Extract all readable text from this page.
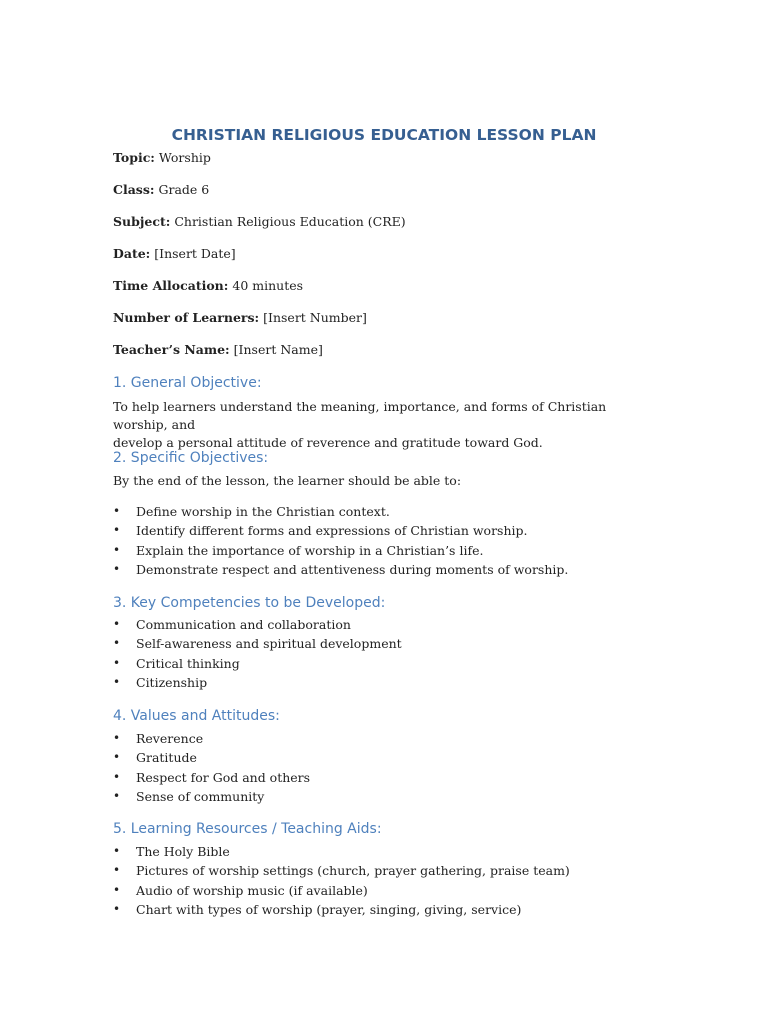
CHRISTIAN RELIGIOUS EDUCATION LESSON PLAN
Topic: Worship
Class: Grade 6
Subject: Christian Religious Education (CRE)
Date: [Insert Date]
Time Allocation: 40 minutes
Number of Learners: [Insert Number]
Teacher’s Name: [Insert Name]
1. General Objective:
To help learners understand the meaning, importance, and forms of Christian worship, and
develop a personal attitude of reverence and gratitude toward God.
2. Specific Objectives:
By the end of the lesson, the learner should be able to:
•	Define worship in the Christian context.
•	Identify different forms and expressions of Christian worship.
•	Explain the importance of worship in a Christian’s life.
•	Demonstrate respect and attentiveness during moments of worship.
3. Key Competencies to be Developed:
•	Communication and collaboration
•	Self-awareness and spiritual development
•	Critical thinking
•	Citizenship
4. Values and Attitudes:
•	Reverence
•	Gratitude
•	Respect for God and others
•	Sense of community
5. Learning Resources / Teaching Aids:
•	The Holy Bible
•	Pictures of worship settings (church, prayer gathering, praise team)
•	Audio of worship music (if available)
•	Chart with types of worship (prayer, singing, giving, service)
